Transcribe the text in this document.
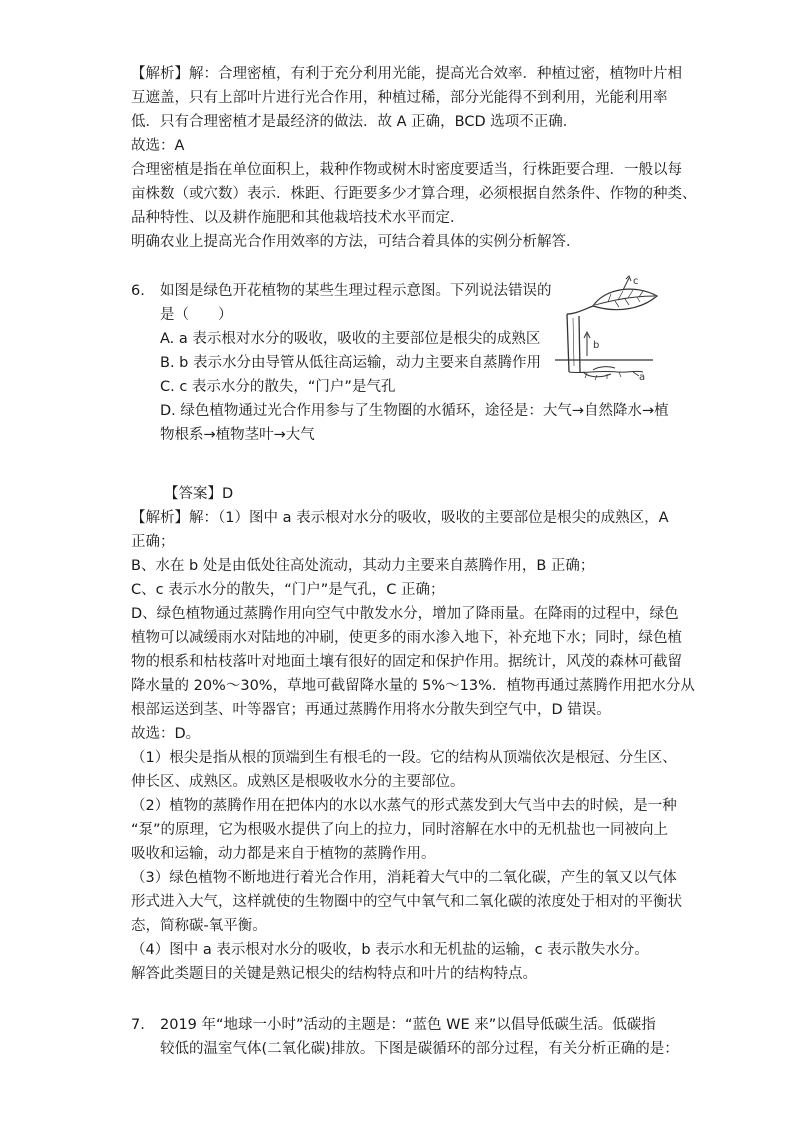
【解析】解：合理密植，有利于充分利用光能，提高光合效率．种植过密，植物叶片相
互遮盖，只有上部叶片进行光合作用，种植过稀，部分光能得不到利用，光能利用率
低．只有合理密植才是最经济的做法．故 A 正确，BCD 选项不正确．
故选：A
合理密植是指在单位面积上，栽种作物或树木时密度要适当，行株距要合理．一般以每
亩株数（或穴数）表示．株距、行距要多少才算合理，必须根据自然条件、作物的种类、
品种特性、以及耕作施肥和其他栽培技术水平而定．
明确农业上提高光合作用效率的方法，可结合着具体的实例分析解答．
6. 如图是绿色开花植物的某些生理过程示意图。下列说法错误的
是（　　）
A. a 表示根对水分的吸收，吸收的主要部位是根尖的成熟区
B. b 表示水分由导管从低往高运输，动力主要来自蒸腾作用
C. c 表示水分的散失，“门户”是气孔
D. 绿色植物通过光合作用参与了生物圈的水循环，途径是：大气→自然降水→植
物根系→植物茎叶→大气
c
b
a
【答案】D
【解析】解：（1）图中 a 表示根对水分的吸收，吸收的主要部位是根尖的成熟区，A
正确；
B、水在 b 处是由低处往高处流动，其动力主要来自蒸腾作用，B 正确；
C、c 表示水分的散失，“门户”是气孔，C 正确；
D、绿色植物通过蒸腾作用向空气中散发水分，增加了降雨量。在降雨的过程中，绿色
植物可以减缓雨水对陆地的冲刷，使更多的雨水渗入地下，补充地下水；同时，绿色植
物的根系和枯枝落叶对地面土壤有很好的固定和保护作用。据统计，风茂的森林可截留
降水量的 20%～30%，草地可截留降水量的 5%～13%．植物再通过蒸腾作用把水分从
根部运送到茎、叶等器官；再通过蒸腾作用将水分散失到空气中，D 错误。
故选：D。
（1）根尖是指从根的顶端到生有根毛的一段。它的结构从顶端依次是根冠、分生区、
伸长区、成熟区。成熟区是根吸收水分的主要部位。
（2）植物的蒸腾作用在把体内的水以水蒸气的形式蒸发到大气当中去的时候，是一种
“泵”的原理，它为根吸水提供了向上的拉力，同时溶解在水中的无机盐也一同被向上
吸收和运输，动力都是来自于植物的蒸腾作用。
（3）绿色植物不断地进行着光合作用，消耗着大气中的二氧化碳，产生的氧又以气体
形式进入大气，这样就使的生物圈中的空气中氧气和二氧化碳的浓度处于相对的平衡状
态，简称碳-氧平衡。
（4）图中 a 表示根对水分的吸收，b 表示水和无机盐的运输，c 表示散失水分。
解答此类题目的关键是熟记根尖的结构特点和叶片的结构特点。
7. 2019 年“地球一小时”活动的主题是：“蓝色 WE 来”以倡导低碳生活。低碳指
较低的温室气体(二氧化碳)排放。下图是碳循环的部分过程，有关分析正确的是：
